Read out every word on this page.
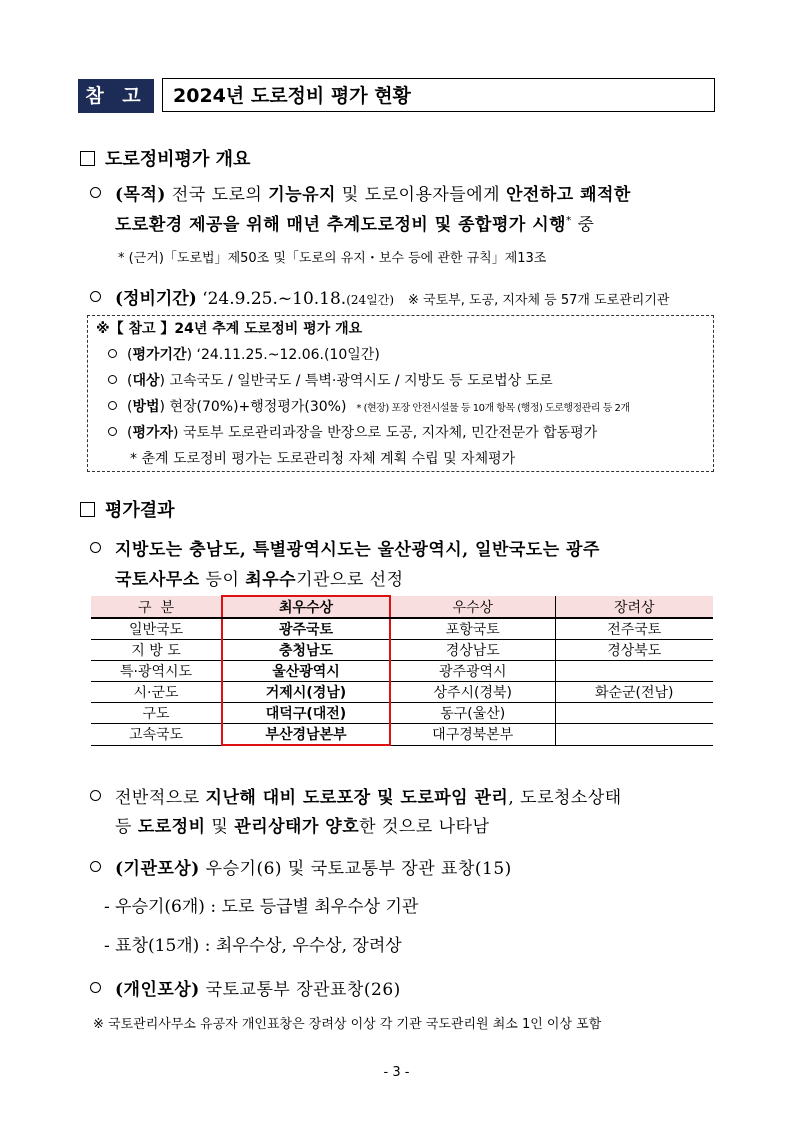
참 고	2024년 도로정비 평가 현황
도로정비평가 개요
(목적) 전국 도로의 기능유지 및 도로이용자들에게 안전하고 쾌적한
도로환경 제공을 위해 매년 추계도로정비 및 종합평가 시행* 중
* (근거)「도로법」제50조 및「도로의 유지・보수 등에 관한 규칙」제13조
(정비기간) ‘24.9.25.~10.18.(24일간) ※ 국토부, 도공, 지자체 등 57개 도로관리기관
※【 참고 】24년 추계 도로정비 평가 개요
(평가기간) ‘24.11.25.~12.06.(10일간)
(대상) 고속국도 / 일반국도 / 특벽·광역시도 / 지방도 등 도로법상 도로
(방법) 현장(70%)+행정평가(30%) * (현장) 포장 안전시설물 등 10개 항목 (행정) 도로행정관리 등 2개
(평가자) 국토부 도로관리과장을 반장으로 도공, 지자체, 민간전문가 합동평가
* 춘계 도로정비 평가는 도로관리청 자체 계획 수립 및 자체평가
평가결과
지방도는 충남도, 특별광역시도는 울산광역시, 일반국도는 광주
국토사무소 등이 최우수기관으로 선정
구  분	최우수상	우수상	장려상
일반국도	광주국토	포항국토	전주국토
지 방 도	충청남도	경상남도	경상북도
특·광역시도	울산광역시	광주광역시	
시·군도	거제시(경남)	상주시(경북)	화순군(전남)
구도	대덕구(대전)	동구(울산)	
고속국도	부산경남본부	대구경북본부	
전반적으로 지난해 대비 도로포장 및 도로파임 관리, 도로청소상태
등 도로정비 및 관리상태가 양호한 것으로 나타남
(기관포상) 우승기(6) 및 국토교통부 장관 표창(15)
- 우승기(6개) : 도로 등급별 최우수상 기관
- 표창(15개) : 최우수상, 우수상, 장려상
(개인포상) 국토교통부 장관표창(26)
※ 국토관리사무소 유공자 개인표창은 장려상 이상 각 기관 국도관리원 최소 1인 이상 포함
- 3 -
